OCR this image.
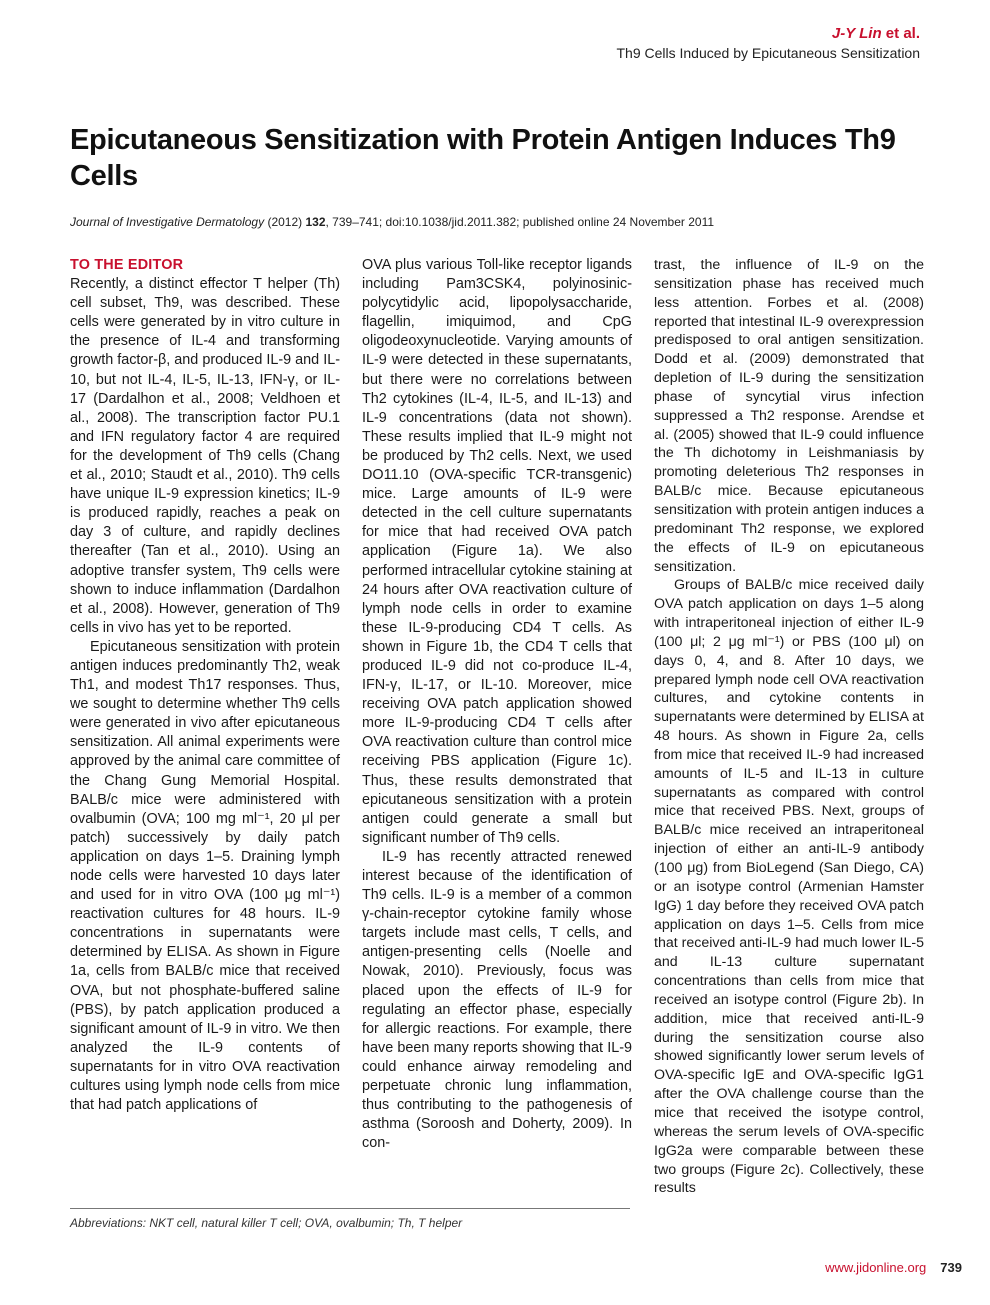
J-Y Lin et al.
Th9 Cells Induced by Epicutaneous Sensitization
Epicutaneous Sensitization with Protein Antigen Induces Th9 Cells
Journal of Investigative Dermatology (2012) 132, 739–741; doi:10.1038/jid.2011.382; published online 24 November 2011
TO THE EDITOR

Recently, a distinct effector T helper (Th) cell subset, Th9, was described. These cells were generated by in vitro culture in the presence of IL-4 and transforming growth factor-β, and produced IL-9 and IL-10, but not IL-4, IL-5, IL-13, IFN-γ, or IL-17 (Dardalhon et al., 2008; Veldhoen et al., 2008). The transcription factor PU.1 and IFN regulatory factor 4 are required for the development of Th9 cells (Chang et al., 2010; Staudt et al., 2010). Th9 cells have unique IL-9 expression kinetics; IL-9 is produced rapidly, reaches a peak on day 3 of culture, and rapidly declines thereafter (Tan et al., 2010). Using an adoptive transfer system, Th9 cells were shown to induce inflammation (Dardalhon et al., 2008). However, generation of Th9 cells in vivo has yet to be reported.

Epicutaneous sensitization with protein antigen induces predominantly Th2, weak Th1, and modest Th17 responses. Thus, we sought to determine whether Th9 cells were generated in vivo after epicutaneous sensitization. All animal experiments were approved by the animal care committee of the Chang Gung Memorial Hospital. BALB/c mice were administered with ovalbumin (OVA; 100 mg ml⁻¹, 20 μl per patch) successively by daily patch application on days 1–5. Draining lymph node cells were harvested 10 days later and used for in vitro OVA (100 μg ml⁻¹) reactivation cultures for 48 hours. IL-9 concentrations in supernatants were determined by ELISA. As shown in Figure 1a, cells from BALB/c mice that received OVA, but not phosphate-buffered saline (PBS), by patch application produced a significant amount of IL-9 in vitro. We then analyzed the IL-9 contents of supernatants for in vitro OVA reactivation cultures using lymph node cells from mice that had patch applications of

OVA plus various Toll-like receptor ligands including Pam3CSK4, polyinosinic-polycytidylic acid, lipopolysaccharide, flagellin, imiquimod, and CpG oligodeoxynucleotide. Varying amounts of IL-9 were detected in these supernatants, but there were no correlations between Th2 cytokines (IL-4, IL-5, and IL-13) and IL-9 concentrations (data not shown). These results implied that IL-9 might not be produced by Th2 cells. Next, we used DO11.10 (OVA-specific TCR-transgenic) mice. Large amounts of IL-9 were detected in the cell culture supernatants for mice that had received OVA patch application (Figure 1a). We also performed intracellular cytokine staining at 24 hours after OVA reactivation culture of lymph node cells in order to examine these IL-9-producing CD4 T cells. As shown in Figure 1b, the CD4 T cells that produced IL-9 did not co-produce IL-4, IFN-γ, IL-17, or IL-10. Moreover, mice receiving OVA patch application showed more IL-9-producing CD4 T cells after OVA reactivation culture than control mice receiving PBS application (Figure 1c). Thus, these results demonstrated that epicutaneous sensitization with a protein antigen could generate a small but significant number of Th9 cells.

IL-9 has recently attracted renewed interest because of the identification of Th9 cells. IL-9 is a member of a common γ-chain-receptor cytokine family whose targets include mast cells, T cells, and antigen-presenting cells (Noelle and Nowak, 2010). Previously, focus was placed upon the effects of IL-9 for regulating an effector phase, especially for allergic reactions. For example, there have been many reports showing that IL-9 could enhance airway remodeling and perpetuate chronic lung inflammation, thus contributing to the pathogenesis of asthma (Soroosh and Doherty, 2009). In con-

trast, the influence of IL-9 on the sensitization phase has received much less attention. Forbes et al. (2008) reported that intestinal IL-9 overexpression predisposed to oral antigen sensitization. Dodd et al. (2009) demonstrated that depletion of IL-9 during the sensitization phase of syncytial virus infection suppressed a Th2 response. Arendse et al. (2005) showed that IL-9 could influence the Th dichotomy in Leishmaniasis by promoting deleterious Th2 responses in BALB/c mice. Because epicutaneous sensitization with protein antigen induces a predominant Th2 response, we explored the effects of IL-9 on epicutaneous sensitization.

Groups of BALB/c mice received daily OVA patch application on days 1–5 along with intraperitoneal injection of either IL-9 (100 μl; 2 μg ml⁻¹) or PBS (100 μl) on days 0, 4, and 8. After 10 days, we prepared lymph node cell OVA reactivation cultures, and cytokine contents in supernatants were determined by ELISA at 48 hours. As shown in Figure 2a, cells from mice that received IL-9 had increased amounts of IL-5 and IL-13 in culture supernatants as compared with control mice that received PBS. Next, groups of BALB/c mice received an intraperitoneal injection of either an anti-IL-9 antibody (100 μg) from BioLegend (San Diego, CA) or an isotype control (Armenian Hamster IgG) 1 day before they received OVA patch application on days 1–5. Cells from mice that received anti-IL-9 had much lower IL-5 and IL-13 culture supernatant concentrations than cells from mice that received an isotype control (Figure 2b). In addition, mice that received anti-IL-9 during the sensitization course also showed significantly lower serum levels of OVA-specific IgE and OVA-specific IgG1 after the OVA challenge course than the mice that received the isotype control, whereas the serum levels of OVA-specific IgG2a were comparable between these two groups (Figure 2c). Collectively, these results

Abbreviations: NKT cell, natural killer T cell; OVA, ovalbumin; Th, T helper
www.jidonline.org 739
